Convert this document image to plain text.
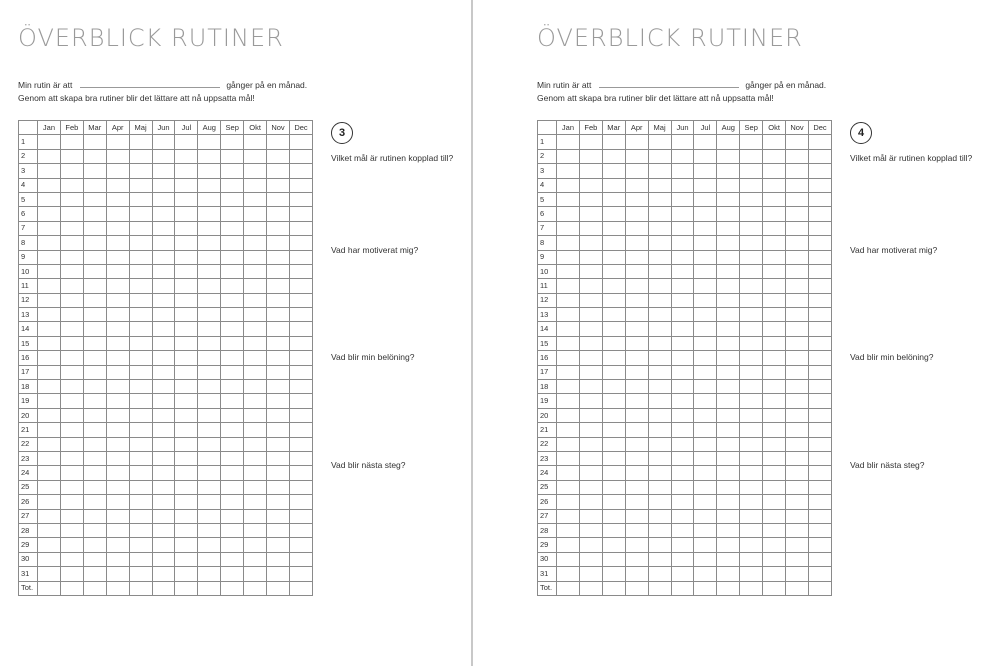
ÖVERBLICK RUTINER
Min rutin är att	gånger på en månad.
Genom att skapa bra rutiner blir det lättare att nå uppsatta mål!
	Jan	Feb	Mar	Apr	Maj	Jun	Jul	Aug	Sep	Okt	Nov	Dec
1												
2												
3												
4												
5												
6												
7												
8												
9												
10												
11												
12												
13												
14												
15												
16												
17												
18												
19												
20												
21												
22												
23												
24												
25												
26												
27												
28												
29												
30												
31												
Tot.												
3
Vilket mål är rutinen kopplad till?
Vad har motiverat mig?
Vad blir min belöning?
Vad blir nästa steg?
ÖVERBLICK RUTINER
Min rutin är att	gånger på en månad.
Genom att skapa bra rutiner blir det lättare att nå uppsatta mål!
	Jan	Feb	Mar	Apr	Maj	Jun	Jul	Aug	Sep	Okt	Nov	Dec
1												
2												
3												
4												
5												
6												
7												
8												
9												
10												
11												
12												
13												
14												
15												
16												
17												
18												
19												
20												
21												
22												
23												
24												
25												
26												
27												
28												
29												
30												
31												
Tot.												
4
Vilket mål är rutinen kopplad till?
Vad har motiverat mig?
Vad blir min belöning?
Vad blir nästa steg?
